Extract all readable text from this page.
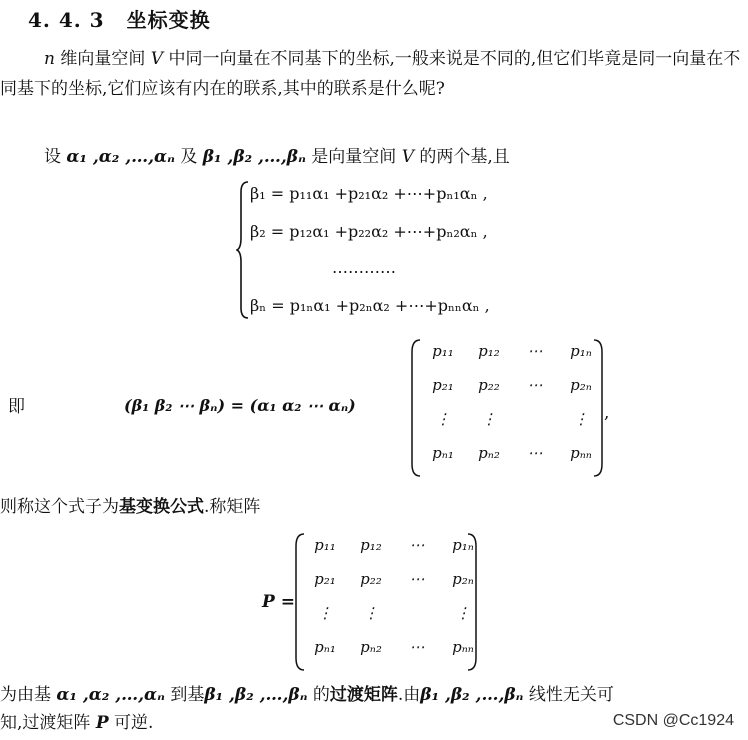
4. 4. 3 坐标变换
n 维向量空间 V 中同一向量在不同基下的坐标,一般来说是不同的,但它们毕竟是同一向量在不同基下的坐标,它们应该有内在的联系,其中的联系是什么呢?
设 α₁ ,α₂ ,…,αₙ 及 β₁ ,β₂ ,…,βₙ 是向量空间 V 的两个基,且
β₁ = p₁₁α₁ +p₂₁α₂ +⋯+pₙ₁αₙ ,
β₂ = p₁₂α₁ +p₂₂α₂ +⋯+pₙ₂αₙ ,
…………
βₙ = p₁ₙα₁ +p₂ₙα₂ +⋯+pₙₙαₙ ,
即	(β₁ β₂ ⋯ βₙ) = (α₁ α₂ ⋯ αₙ)
p₁₁	p₁₂	⋯	p₁ₙ
p₂₁	p₂₂	⋯	p₂ₙ
⋮	⋮	⋮
pₙ₁	pₙ₂	⋯	pₙₙ
,
则称这个式子为基变换公式.称矩阵
P =
p₁₁	p₁₂	⋯	p₁ₙ
p₂₁	p₂₂	⋯	p₂ₙ
⋮	⋮	⋮
pₙ₁	pₙ₂	⋯	pₙₙ
为由基 α₁ ,α₂ ,…,αₙ 到基β₁ ,β₂ ,…,βₙ 的过渡矩阵.由β₁ ,β₂ ,…,βₙ 线性无关可
知,过渡矩阵 P 可逆.	CSDN @Cc1924
